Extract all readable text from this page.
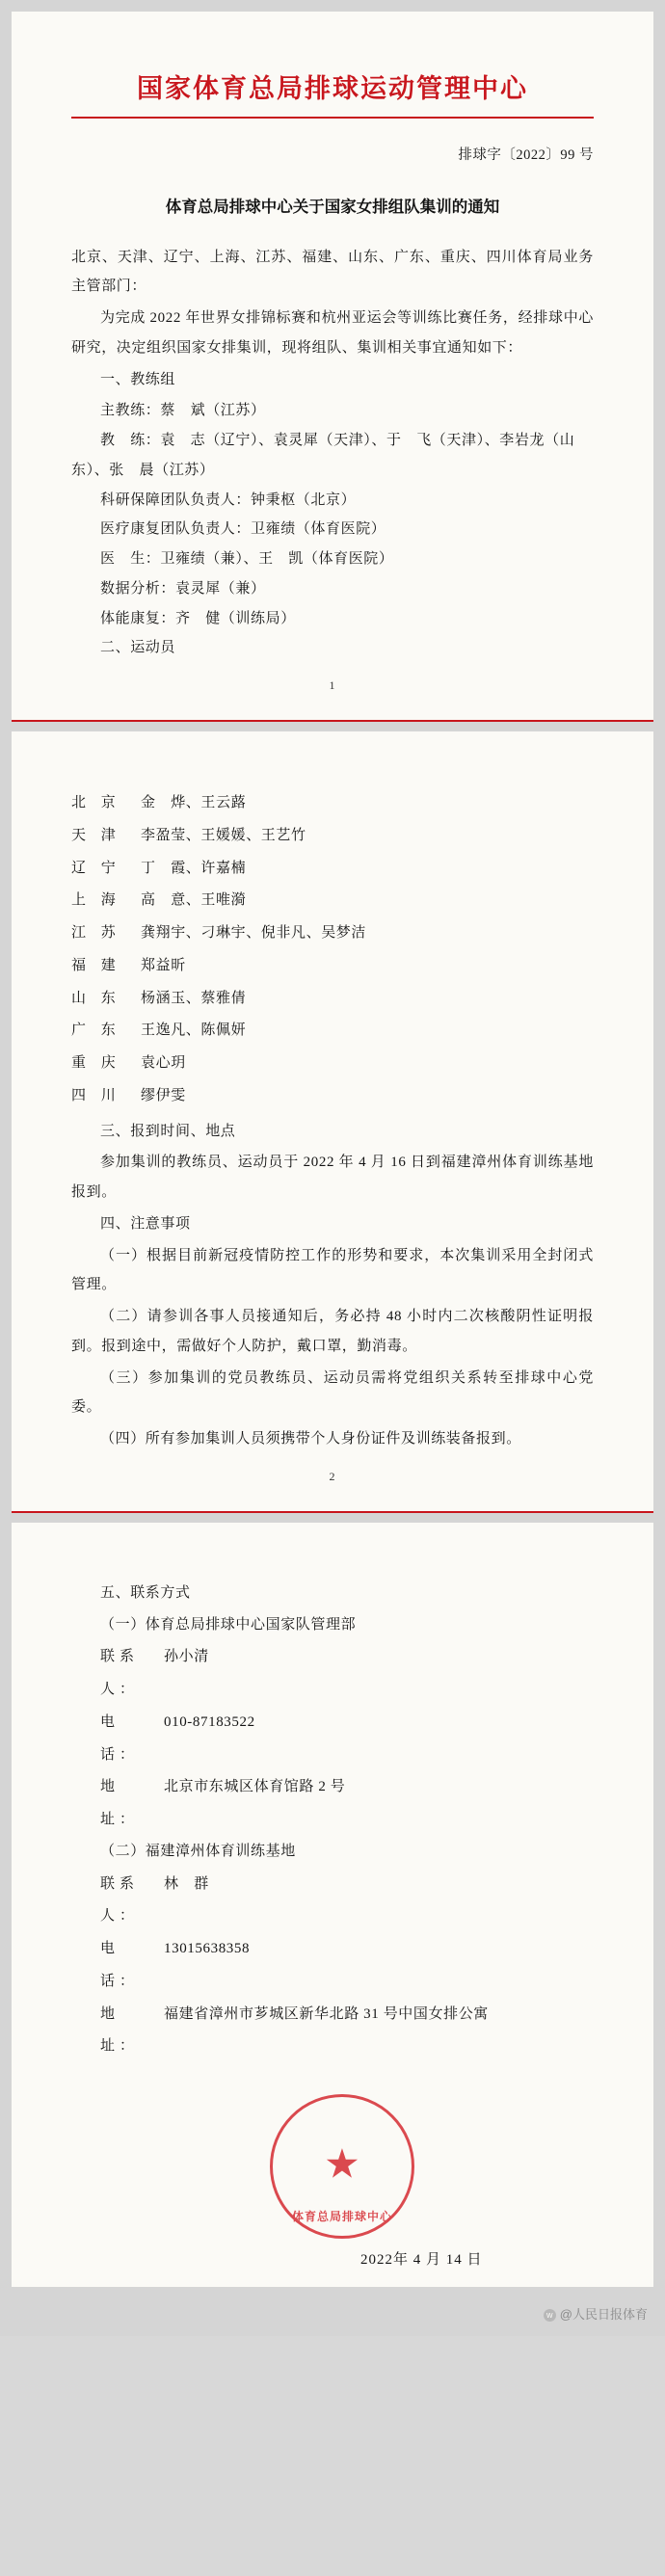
国家体育总局排球运动管理中心
排球字〔2022〕99 号
体育总局排球中心关于国家女排组队集训的通知

北京、天津、辽宁、上海、江苏、福建、山东、广东、重庆、四川体育局业务主管部门：

为完成 2022 年世界女排锦标赛和杭州亚运会等训练比赛任务，经排球中心研究，决定组织国家女排集训，现将组队、集训相关事宜通知如下：

一、教练组

主教练：蔡　斌（江苏）
教　练：袁　志（辽宁）、袁灵犀（天津）、于　飞（天津）、李岩龙（山东）、张　晨（江苏）
科研保障团队负责人：钟秉枢（北京）
医疗康复团队负责人：卫雍绩（体育医院）
医　生：卫雍绩（兼）、王　凯（体育医院）
数据分析：袁灵犀（兼）
体能康复：齐　健（训练局）

二、运动员

1
北 京	金　烨、王云蕗
天 津	李盈莹、王媛媛、王艺竹
辽 宁	丁　霞、许嘉楠
上 海	高　意、王唯漪
江 苏	龚翔宇、刁琳宇、倪非凡、吴梦洁
福 建	郑益昕
山 东	杨涵玉、蔡雅倩
广 东	王逸凡、陈佩妍
重 庆	袁心玥
四 川	缪伊雯

三、报到时间、地点

参加集训的教练员、运动员于 2022 年 4 月 16 日到福建漳州体育训练基地报到。

四、注意事项

（一）根据目前新冠疫情防控工作的形势和要求，本次集训采用全封闭式管理。

（二）请参训各事人员接通知后，务必持 48 小时内二次核酸阴性证明报到。报到途中，需做好个人防护，戴口罩，勤消毒。

（三）参加集训的党员教练员、运动员需将党组织关系转至排球中心党委。

（四）所有参加集训人员须携带个人身份证件及训练装备报到。

2

五、联系方式

（一）体育总局排球中心国家队管理部

联系人：
孙小清
电　话：
010-87183522
地　址：
北京市东城区体育馆路 2 号

（二）福建漳州体育训练基地

联系人：
林　群
电　话：
13015638358
地　址：
福建省漳州市芗城区新华北路 31 号中国女排公寓
★
体育总局排球中心
2022年 4 月 14 日
w @人民日报体育
